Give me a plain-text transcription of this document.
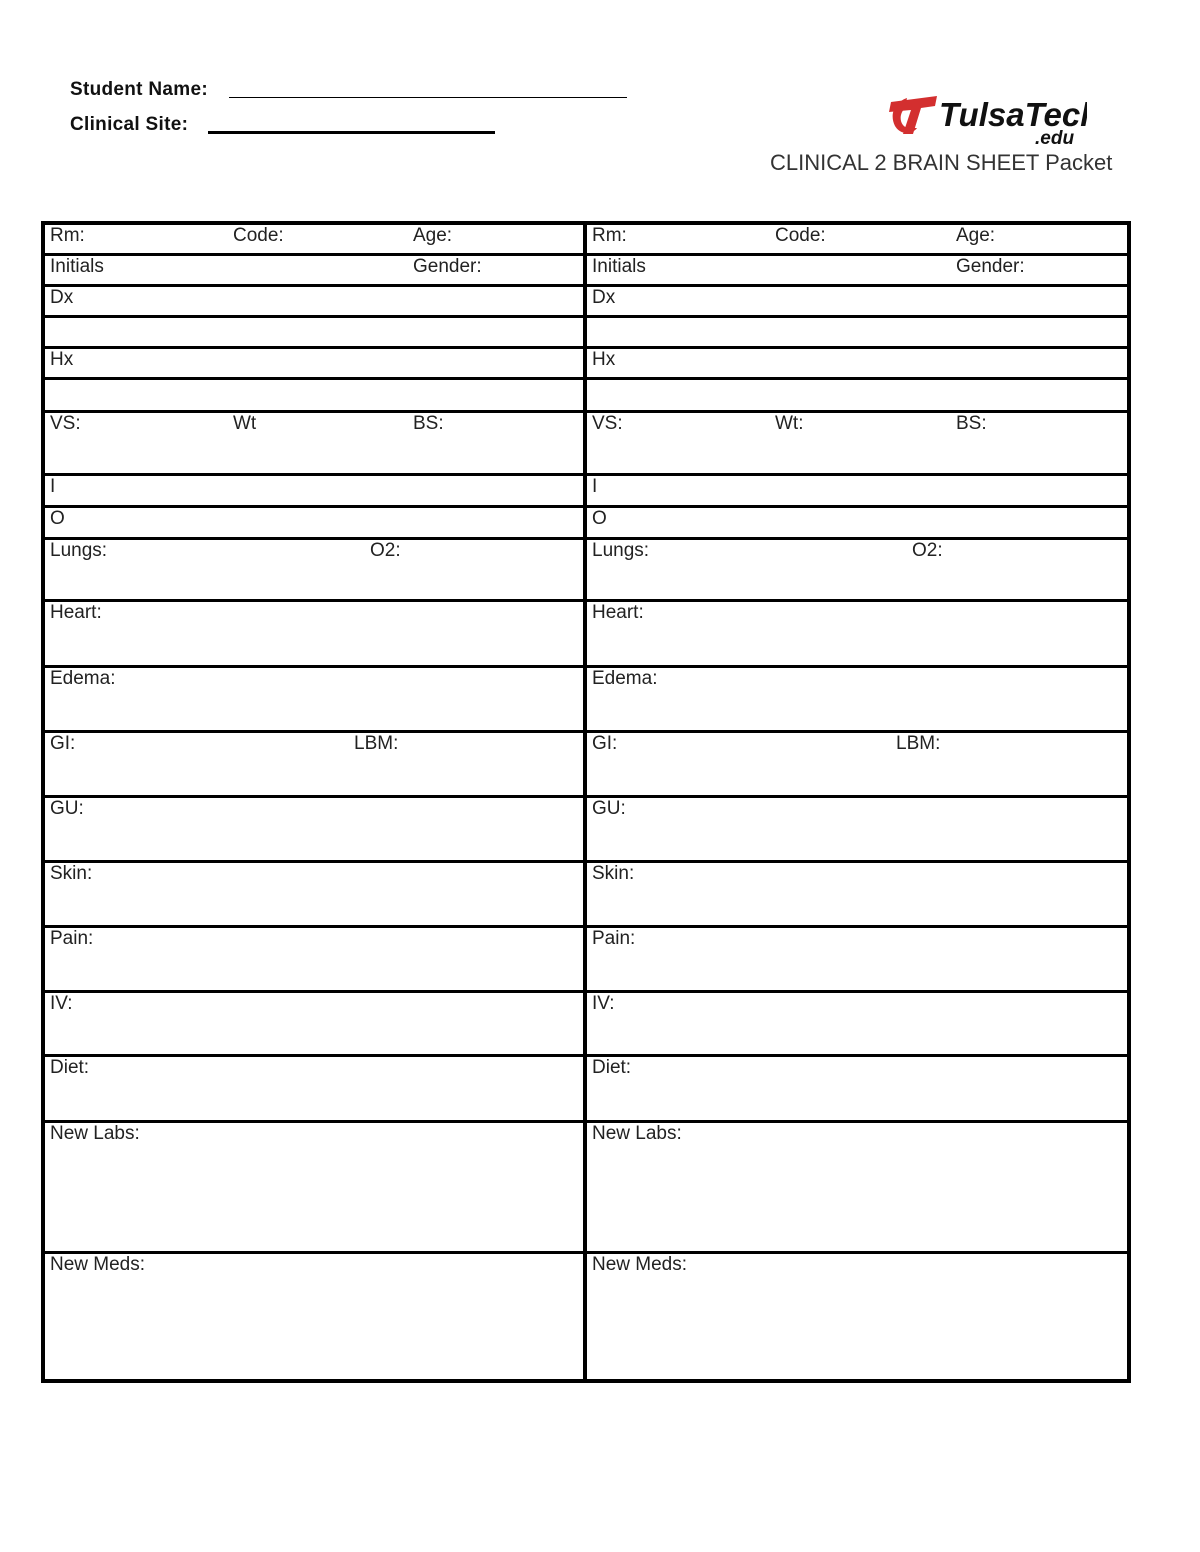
Student Name:
Clinical Site:	TulsaTech
.edu
CLINICAL 2 BRAIN SHEET Packet
Rm:	Code:	Age:
Initials	Gender:
Dx
Hx
VS:	Wt	BS:
I
O
Lungs:	O2:
Heart:
Edema:
GI:	LBM:
GU:
Skin:
Pain:
IV:
Diet:
New Labs:
New Meds:
Rm:	Code:	Age:
Initials	Gender:
Dx
Hx
VS:	Wt:	BS:
I
O
Lungs:	O2:
Heart:
Edema:
GI:	LBM:
GU:
Skin:
Pain:
IV:
Diet:
New Labs:
New Meds:
